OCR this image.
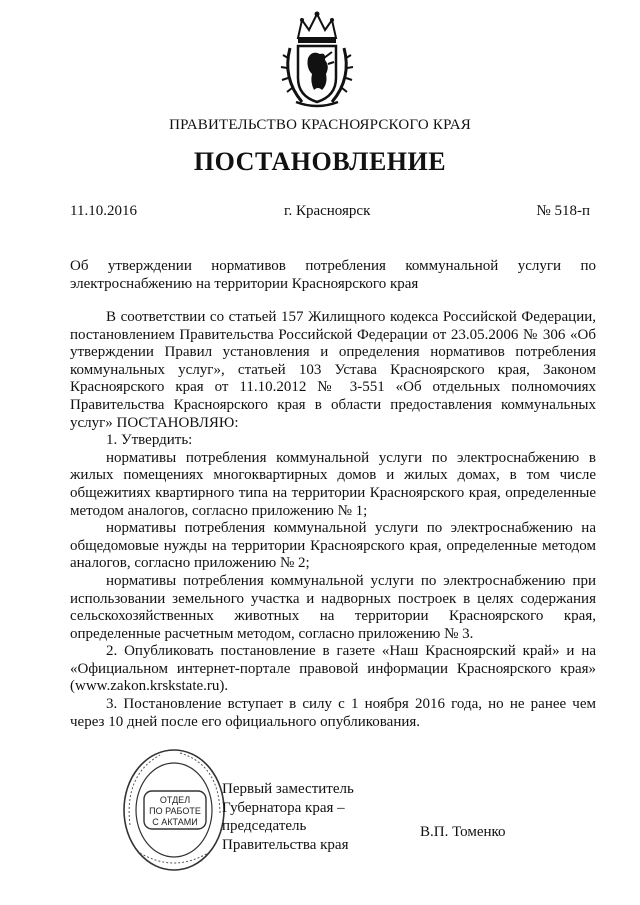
ПРАВИТЕЛЬСТВО КРАСНОЯРСКОГО КРАЯ
ПОСТАНОВЛЕНИЕ
11.10.2016	г. Красноярск	№ 518-п
Об утверждении нормативов потребления коммунальной услуги по электроснабжению на территории Красноярского края

В соответствии со статьей 157 Жилищного кодекса Российской Федерации, постановлением Правительства Российской Федерации от 23.05.2006 № 306 «Об утверждении Правил установления и определения нормативов потребления коммунальных услуг», статьей 103 Устава Красноярского края, Законом Красноярского края от 11.10.2012 № 3-551 «Об отдельных полномочиях Правительства Красноярского края в области предоставления коммунальных услуг» ПОСТАНОВЛЯЮ:

1. Утвердить:

нормативы потребления коммунальной услуги по электроснабжению в жилых помещениях многоквартирных домов и жилых домах, в том числе общежитиях квартирного типа на территории Красноярского края, определенные методом аналогов, согласно приложению № 1;

нормативы потребления коммунальной услуги по электроснабжению на общедомовые нужды на территории Красноярского края, определенные методом аналогов, согласно приложению № 2;

нормативы потребления коммунальной услуги по электроснабжению при использовании земельного участка и надворных построек в целях содержания сельскохозяйственных животных на территории Красноярского края, определенные расчетным методом, согласно приложению № 3.

2. Опубликовать постановление в газете «Наш Красноярский край» и на «Официальном интернет-портале правовой информации Красноярского края» (www.zakon.krskstate.ru).

3. Постановление вступает в силу с 1 ноября 2016 года, но не ранее чем через 10 дней после его официального опубликования.

ОТДЕЛ
ПО РАБОТЕ
С АКТАМИ
Первый заместитель
Губернатора края –
председатель
Правительства края
В.П. Томенко
